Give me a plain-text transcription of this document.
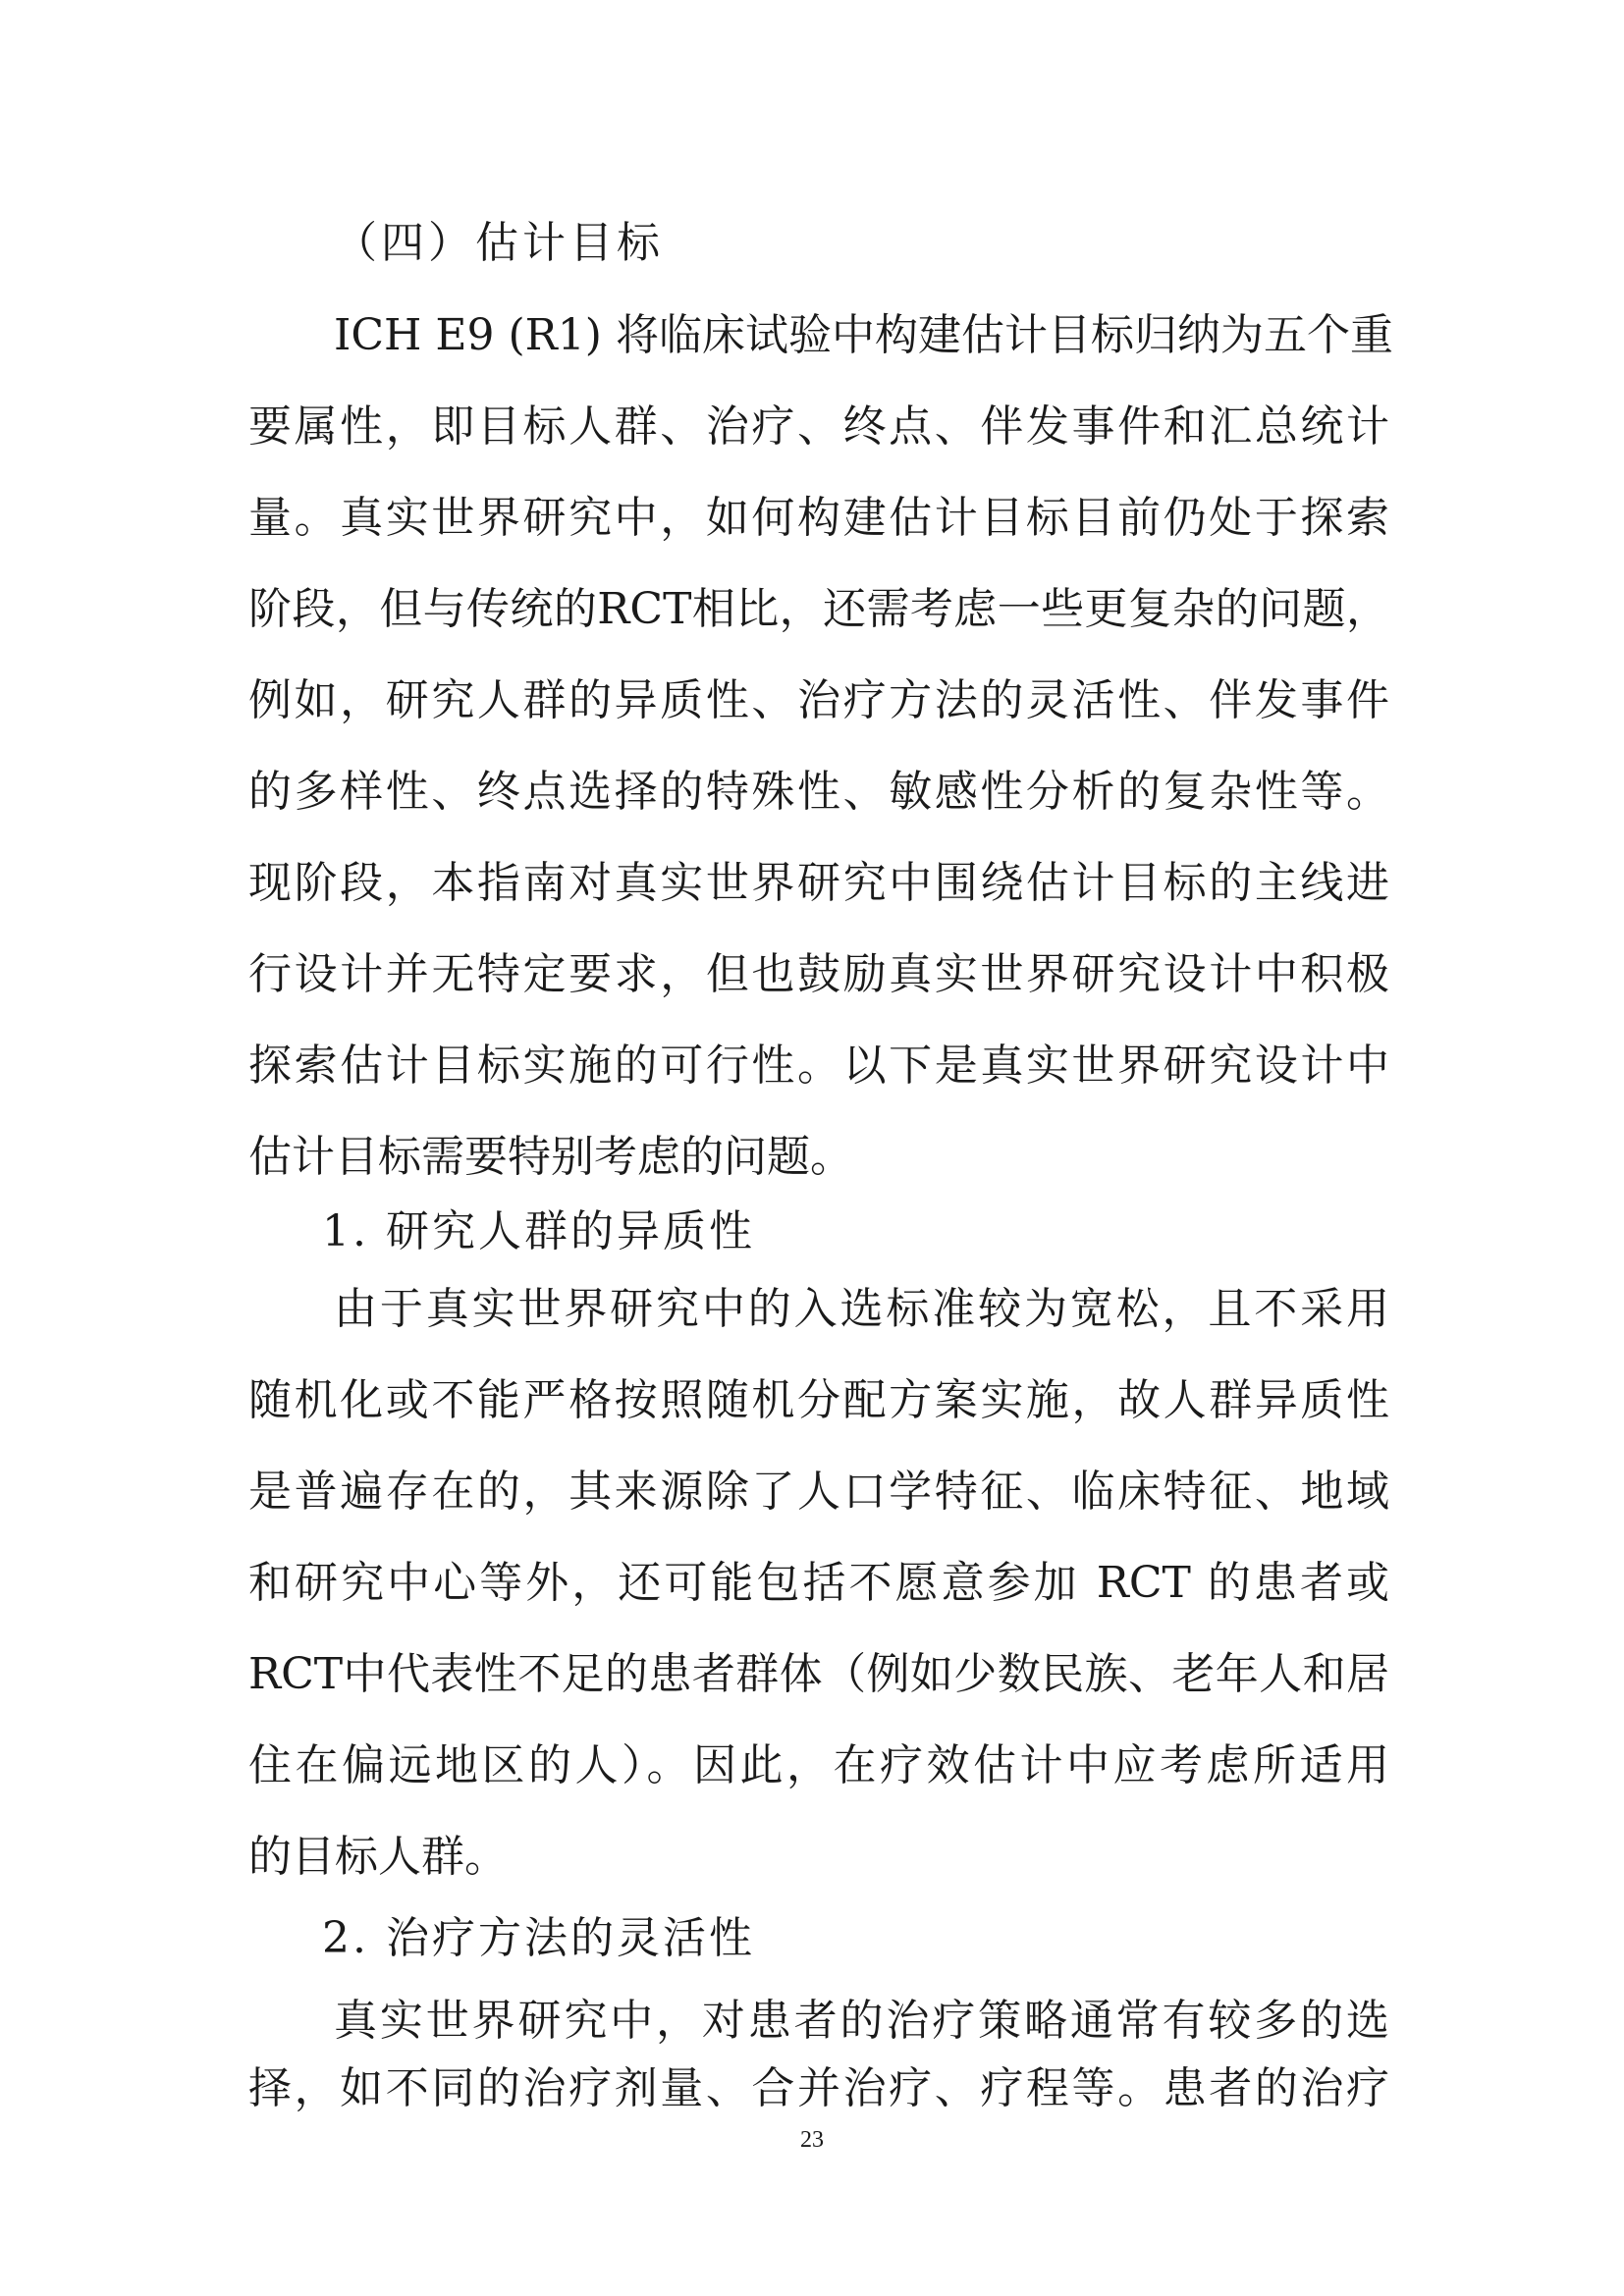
（四）估计目标

ICH E9 (R1) 将临床试验中构建估计目标归纳为五个重

要属性，即目标人群、治疗、终点、伴发事件和汇总统计

量。真实世界研究中，如何构建估计目标目前仍处于探索

阶段，但与传统的RCT相比，还需考虑一些更复杂的问题，

例如，研究人群的异质性、治疗方法的灵活性、伴发事件

的多样性、终点选择的特殊性、敏感性分析的复杂性等。

现阶段，本指南对真实世界研究中围绕估计目标的主线进

行设计并无特定要求，但也鼓励真实世界研究设计中积极

探索估计目标实施的可行性。以下是真实世界研究设计中

估计目标需要特别考虑的问题。

1. 研究人群的异质性

由于真实世界研究中的入选标准较为宽松，且不采用

随机化或不能严格按照随机分配方案实施，故人群异质性

是普遍存在的，其来源除了人口学特征、临床特征、地域

和研究中心等外，还可能包括不愿意参加 RCT 的患者或

RCT中代表性不足的患者群体（例如少数民族、老年人和居

住在偏远地区的人）。因此，在疗效估计中应考虑所适用

的目标人群。

2. 治疗方法的灵活性

真实世界研究中，对患者的治疗策略通常有较多的选

择，如不同的治疗剂量、合并治疗、疗程等。患者的治疗

23
